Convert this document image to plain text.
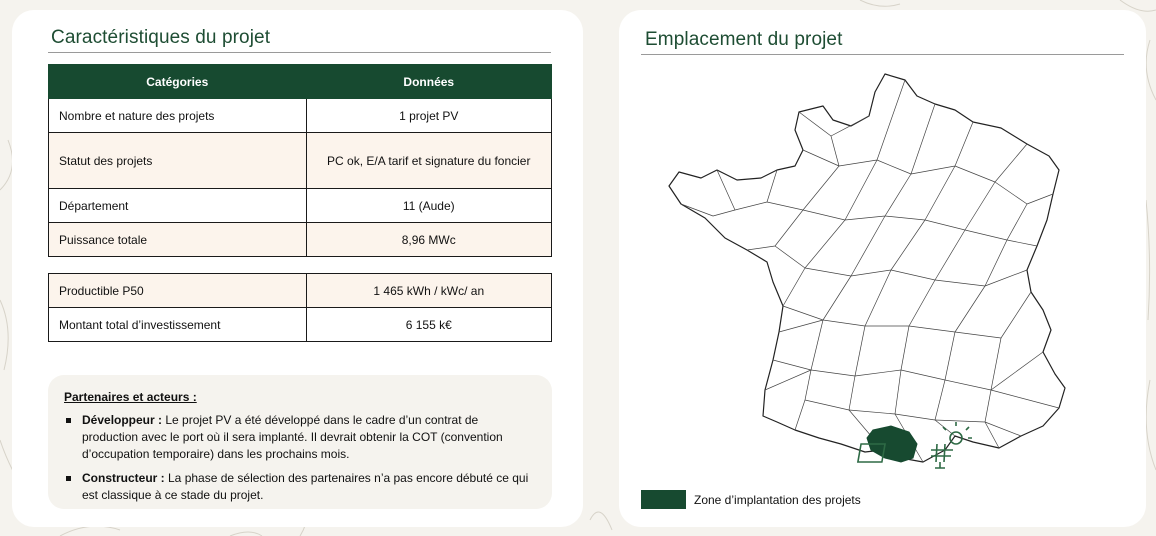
Caractéristiques du projet
Catégories	Données
Nombre et nature des projets	1 projet PV
Statut des projets	PC ok, E/A tarif et signature du foncier
Département	11 (Aude)
Puissance totale	8,96 MWc
Productible P50	1 465 kWh / kWc/ an
Montant total d’investissement	6 155 k€
Partenaires et acteurs :
Développeur : Le projet PV a été développé dans le cadre d’un contrat de production avec le port où il sera implanté. Il devrait obtenir la COT (convention d’occupation temporaire) dans les prochains mois.
Constructeur : La phase de sélection des partenaires n’a pas encore débuté ce qui est classique à ce stade du projet.
Emplacement du projet
Zone d’implantation des projets
